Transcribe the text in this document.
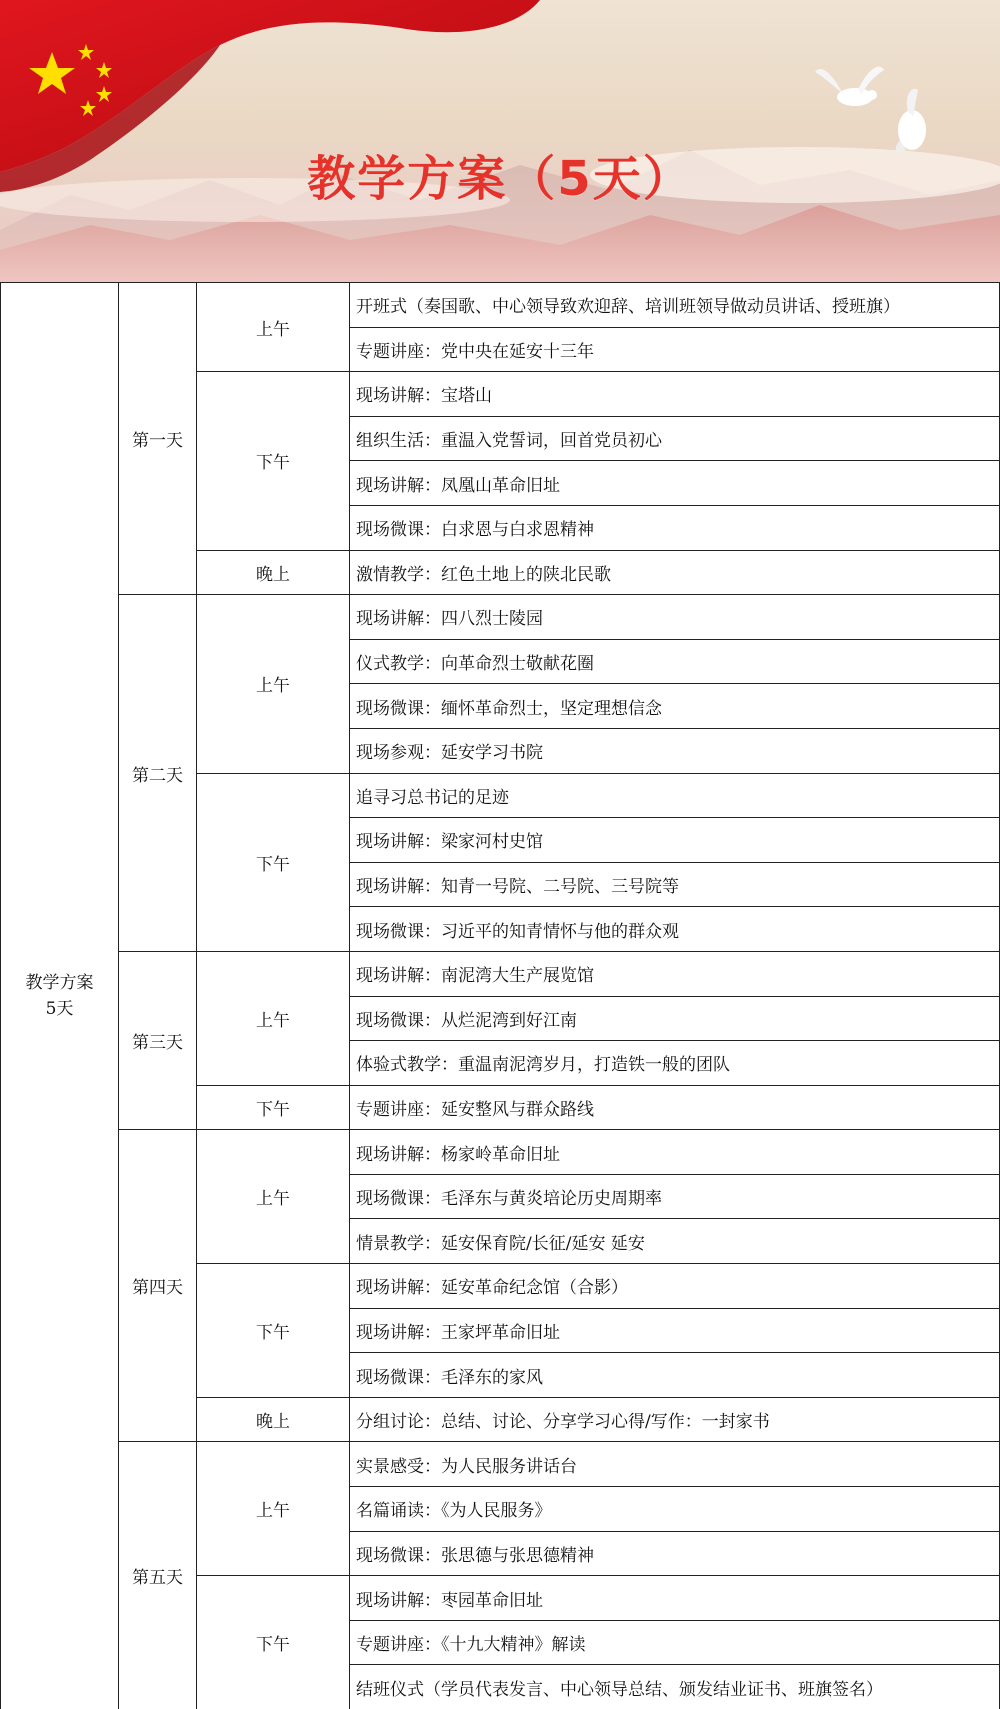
教学方案（5天）
教学方案
5天	第一天	上午	开班式（奏国歌、中心领导致欢迎辞、培训班领导做动员讲话、授班旗）
			专题讲座：党中央在延安十三年
		下午	现场讲解：宝塔山
			组织生活：重温入党誓词，回首党员初心
			现场讲解：凤凰山革命旧址
			现场微课：白求恩与白求恩精神
		晚上	激情教学：红色土地上的陕北民歌
	第二天	上午	现场讲解：四八烈士陵园
			仪式教学：向革命烈士敬献花圈
			现场微课：缅怀革命烈士，坚定理想信念
			现场参观：延安学习书院
		下午	追寻习总书记的足迹
			现场讲解：梁家河村史馆
			现场讲解：知青一号院、二号院、三号院等
			现场微课：习近平的知青情怀与他的群众观
	第三天	上午	现场讲解：南泥湾大生产展览馆
			现场微课：从烂泥湾到好江南
			体验式教学：重温南泥湾岁月，打造铁一般的团队
		下午	专题讲座：延安整风与群众路线
	第四天	上午	现场讲解：杨家岭革命旧址
			现场微课：毛泽东与黄炎培论历史周期率
			情景教学：延安保育院/长征/延安 延安
		下午	现场讲解：延安革命纪念馆（合影）
			现场讲解：王家坪革命旧址
			现场微课：毛泽东的家风
		晚上	分组讨论：总结、讨论、分享学习心得/写作：一封家书
	第五天	上午	实景感受：为人民服务讲话台
			名篇诵读：《为人民服务》
			现场微课：张思德与张思德精神
		下午	现场讲解：枣园革命旧址
			专题讲座：《十九大精神》解读
			结班仪式（学员代表发言、中心领导总结、颁发结业证书、班旗签名）
